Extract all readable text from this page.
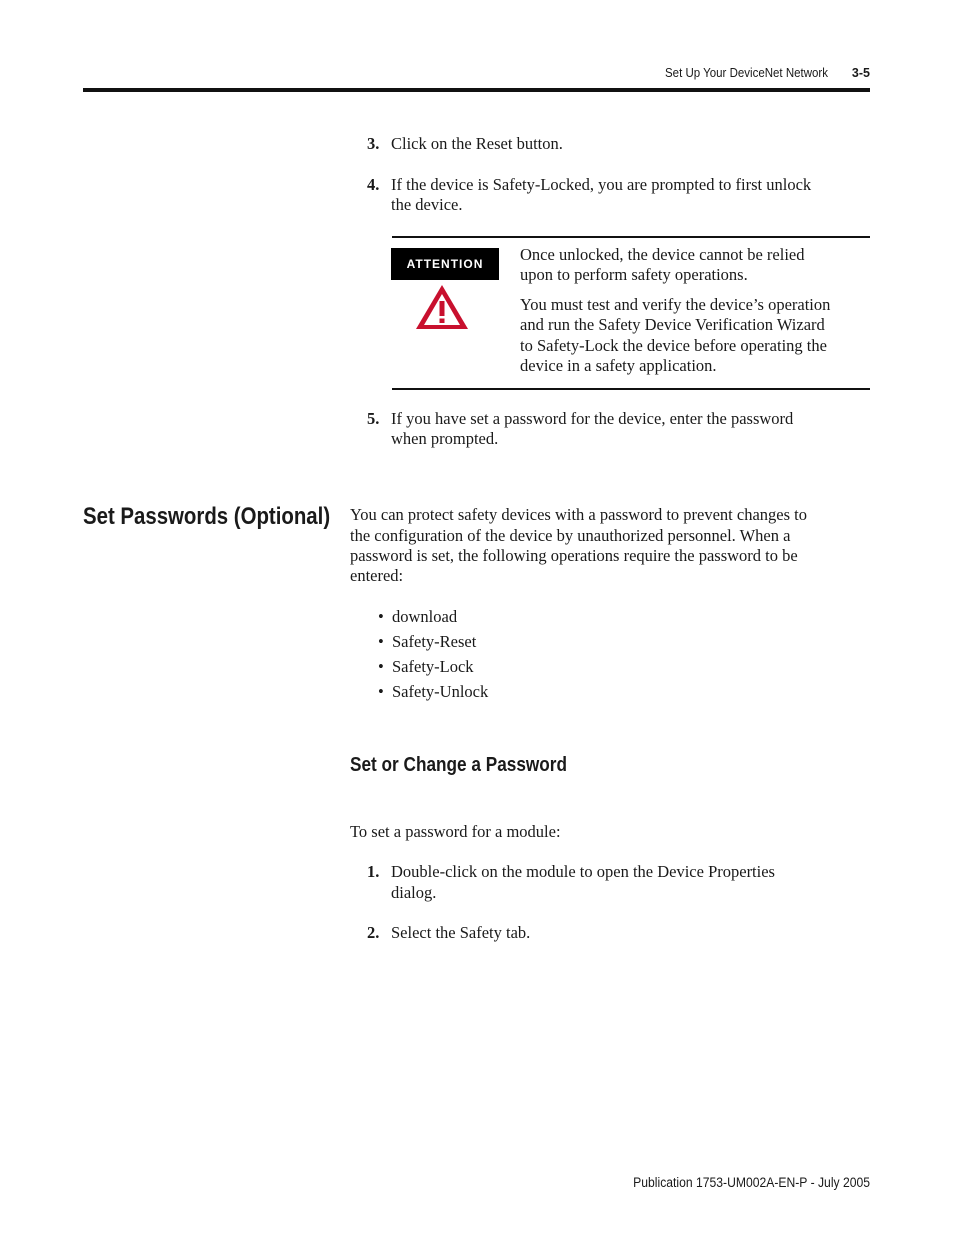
Set Up Your DeviceNet Network	3-5
3. Click on the Reset button.
4. If the device is Safety-Locked, you are prompted to first unlock
the device.
ATTENTION	Once unlocked, the device cannot be relied
upon to perform safety operations.
You must test and verify the device’s operation
and run the Safety Device Verification Wizard
to Safety-Lock the device before operating the
device in a safety application.
5. If you have set a password for the device, enter the password
when prompted.
Set Passwords (Optional) You can protect safety devices with a password to prevent changes to
the configuration of the device by unauthorized personnel. When a
password is set, the following operations require the password to be
entered:
• download
• Safety-Reset
• Safety-Lock
• Safety-Unlock
Set or Change a Password
To set a password for a module:
1. Double-click on the module to open the Device Properties
dialog.
2. Select the Safety tab.
Publication 1753-UM002A-EN-P - July 2005
